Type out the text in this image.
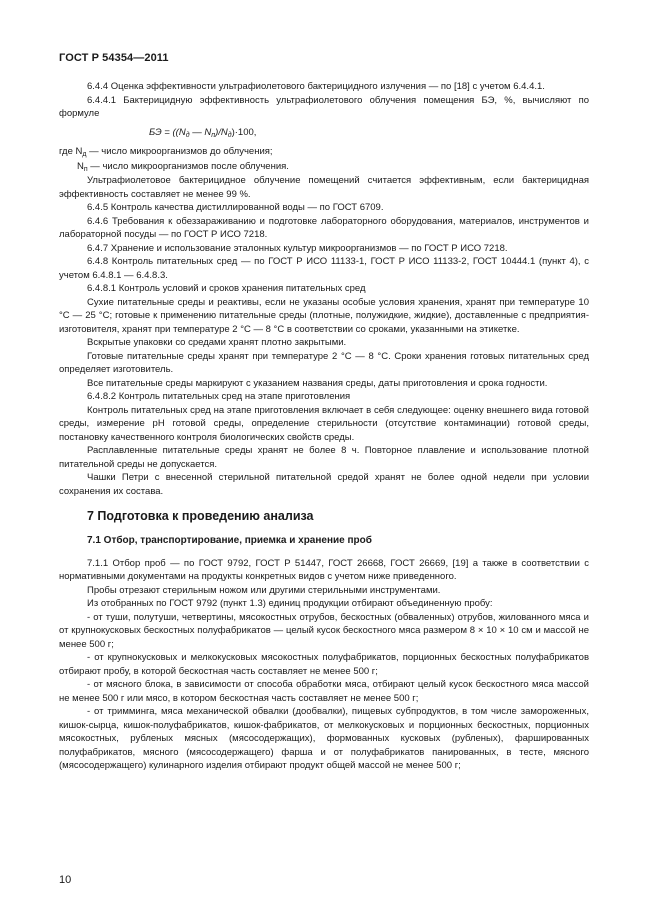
ГОСТ Р 54354—2011

6.4.4 Оценка эффективности ультрафиолетового бактерицидного излучения — по [18] с учетом 6.4.4.1.

6.4.4.1 Бактерицидную эффективность ультрафиолетового облучения помещения БЭ, %, вычисляют по формуле

БЭ = (($N_д$ — $N_п)/N_д)\cdot 100$,

где $N_д$ — число микроорганизмов до облучения;

$N_п$ — число микроорганизмов после облучения.

Ультрафиолетовое бактерицидное облучение помещений считается эффективным, если бактерицидная эффективность составляет не менее 99 %.

6.4.5 Контроль качества дистиллированной воды — по ГОСТ 6709.

6.4.6 Требования к обеззараживанию и подготовке лабораторного оборудования, материалов, инструментов и лабораторной посуды — по ГОСТ Р ИСО 7218.

6.4.7 Хранение и использование эталонных культур микроорганизмов — по ГОСТ Р ИСО 7218.

6.4.8 Контроль питательных сред — по ГОСТ Р ИСО 11133-1, ГОСТ Р ИСО 11133-2, ГОСТ 10444.1 (пункт 4), с учетом 6.4.8.1 — 6.4.8.3.

6.4.8.1 Контроль условий и сроков хранения питательных сред

Сухие питательные среды и реактивы, если не указаны особые условия хранения, хранят при температуре 10 °С — 25 °С; готовые к применению питательные среды (плотные, полужидкие, жидкие), доставленные с предприятия-изготовителя, хранят при температуре 2 °С — 8 °С в соответствии со сроками, указанными на этикетке.

Вскрытые упаковки со средами хранят плотно закрытыми.

Готовые питательные среды хранят при температуре 2 °С — 8 °С. Сроки хранения готовых питательных сред определяет изготовитель.

Все питательные среды маркируют с указанием названия среды, даты приготовления и срока годности.

6.4.8.2 Контроль питательных сред на этапе приготовления

Контроль питательных сред на этапе приготовления включает в себя следующее: оценку внешнего вида готовой среды, измерение pH готовой среды, определение стерильности (отсутствие контаминации) готовой среды, постановку качественного контроля биологических свойств среды.

Расплавленные питательные среды хранят не более 8 ч. Повторное плавление и использование плотной питательной среды не допускается.

Чашки Петри с внесенной стерильной питательной средой хранят не более одной недели при условии сохранения их состава.

7 Подготовка к проведению анализа

7.1 Отбор, транспортирование, приемка и хранение проб

7.1.1 Отбор проб — по ГОСТ 9792, ГОСТ Р 51447, ГОСТ 26668, ГОСТ 26669, [19] а также в соответствии с нормативными документами на продукты конкретных видов с учетом ниже приведенного.

Пробы отрезают стерильным ножом или другими стерильными инструментами.

Из отобранных по ГОСТ 9792 (пункт 1.3) единиц продукции отбирают объединенную пробу:

- от туши, полутуши, четвертины, мясокостных отрубов, бескостных (обваленных) отрубов, жилованного мяса и от крупнокусковых бескостных полуфабрикатов — целый кусок бескостного мяса размером 8 × 10 × 10 см и массой не менее 500 г;

- от крупнокусковых и мелкокусковых мясокостных полуфабрикатов, порционных бескостных полуфабрикатов отбирают пробу, в которой бескостная часть составляет не менее 500 г;

- от мясного блока, в зависимости от способа обработки мяса, отбирают целый кусок бескостного мяса массой не менее 500 г или мясо, в котором бескостная часть составляет не менее 500 г;

- от тримминга, мяса механической обвалки (дообвалки), пищевых субпродуктов, в том числе замороженных, кишок-сырца, кишок-полуфабрикатов, кишок-фабрикатов, от мелкокусковых и порционных бескостных, порционных мясокостных, рубленых мясных (мясосодержащих), формованных кусковых (рубленых), фаршированных полуфабрикатов, мясного (мясосодержащего) фарша и от полуфабрикатов панированных, в тесте, мясного (мясосодержащего) кулинарного изделия отбирают продукт общей массой не менее 500 г;

10
